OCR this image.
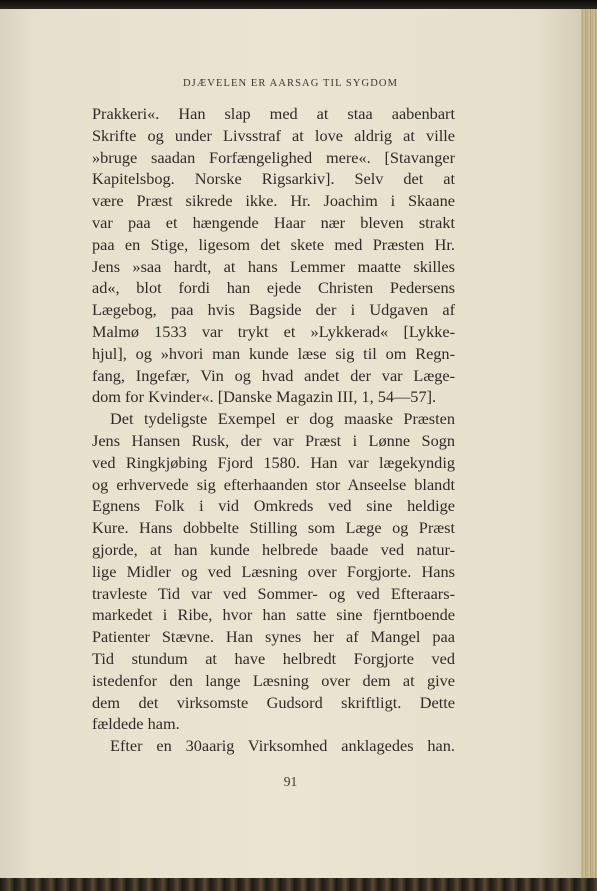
DJÆVELEN ER AARSAG TIL SYGDOM
Prakkeri«. Han slap med at staa aabenbart
Skrifte og under Livsstraf at love aldrig at ville
»bruge saadan Forfængelighed mere«. [Stavanger
Kapitelsbog. Norske Rigsarkiv]. Selv det at
være Præst sikrede ikke. Hr. Joachim i Skaane
var paa et hængende Haar nær bleven strakt
paa en Stige, ligesom det skete med Præsten Hr.
Jens »saa hardt, at hans Lemmer maatte skilles
ad«, blot fordi han ejede Christen Pedersens
Lægebog, paa hvis Bagside der i Udgaven af
Malmø 1533 var trykt et »Lykkerad« [Lykke-
hjul], og »hvori man kunde læse sig til om Regn-
fang, Ingefær, Vin og hvad andet der var Læge-
dom for Kvinder«. [Danske Magazin III, 1, 54—57].
Det tydeligste Exempel er dog maaske Præsten
Jens Hansen Rusk, der var Præst i Lønne Sogn
ved Ringkjøbing Fjord 1580. Han var lægekyndig
og erhvervede sig efterhaanden stor Anseelse blandt
Egnens Folk i vid Omkreds ved sine heldige
Kure. Hans dobbelte Stilling som Læge og Præst
gjorde, at han kunde helbrede baade ved natur-
lige Midler og ved Læsning over Forgjorte. Hans
travleste Tid var ved Sommer- og ved Efteraars-
markedet i Ribe, hvor han satte sine fjerntboende
Patienter Stævne. Han synes her af Mangel paa
Tid stundum at have helbredt Forgjorte ved
istedenfor den lange Læsning over dem at give
dem det virksomste Gudsord skriftligt. Dette
fældede ham.
Efter en 30aarig Virksomhed anklagedes han.
91
